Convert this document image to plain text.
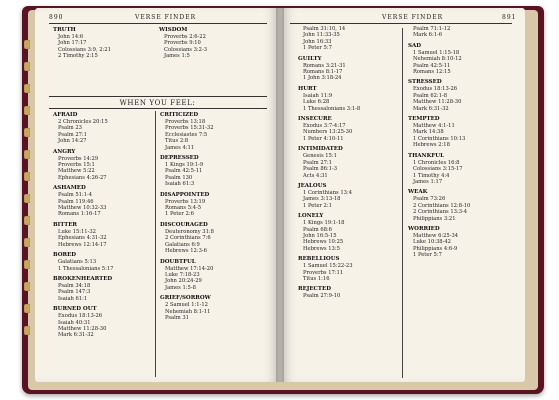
890	VERSE FINDER
TRUTH
John 14:6
John 17:17
Colossians 3:9, 2:21
2 Timothy 2:15
WISDOM
Proverbs 2:6-22
Proverbs 9:10
Colossians 3:2-3
James 1:5
WHEN YOU FEEL:
AFRAID
2 Chronicles 20:15
Psalm 23
Psalm 27:1
John 14:27
ANGRY
Proverbs 14:29
Proverbs 15:1
Matthew 5:22
Ephesians 4:26-27
ASHAMED
Psalm 51:1-4
Psalm 119:46
Matthew 10:32-33
Romans 1:16-17
BITTER
Luke 15:11-32
Ephesians 4:31-32
Hebrews 12:14-17
BORED
Galatians 5:13
1 Thessalonians 5:17
BROKENHEARTED
Psalm 34:18
Psalm 147:3
Isaiah 61:1
BURNED OUT
Exodus 18:13-26
Isaiah 40:31
Matthew 11:28-30
Mark 6:31-32
CRITICIZED
Proverbs 13:18
Proverbs 15:31-32
Ecclesiastes 7:5
Titus 2:8
James 4:11
DEPRESSED
1 Kings 19:1-9
Psalm 42:5-11
Psalm 130
Isaiah 61:3
DISAPPOINTED
Proverbs 13:19
Romans 5:4-5
1 Peter 2:6
DISCOURAGED
Deuteronomy 31:8
2 Corinthians 7:6
Galatians 6:9
Hebrews 12:3-6
DOUBTFUL
Matthew 17:14-20
Luke 7:18-23
John 20:24-29
James 1:5-8
GRIEF/SORROW
2 Samuel 1:1-12
Nehemiah 8:1-11
Psalm 31
VERSE FINDER	891
Psalm 31:10, 14
John 11:33-35
John 16:33
1 Peter 5:7
GUILTY
Romans 3:21-31
Romans 8:1-17
1 John 3:18-24
HURT
Isaiah 11:9
Luke 6:28
1 Thessalonians 3:1-8
INSECURE
Exodus 3:7-4:17
Numbers 13:25-30
1 Peter 4:10-11
INTIMIDATED
Genesis 15:1
Psalm 27:1
Psalm 86:1-3
Acts 4:31
JEALOUS
1 Corinthians 13:4
James 3:13-18
1 Peter 2:1
LONELY
1 Kings 19:1-18
Psalm 68:6
John 16:5-15
Hebrews 10:25
Hebrews 13:5
REBELLIOUS
1 Samuel 15:22-23
Proverbs 17:11
Titus 1:16
REJECTED
Psalm 27:9-10
Psalm 71:1-12
Mark 6:1-6
SAD
1 Samuel 1:15-18
Nehemiah 8:10-12
Psalm 42:5-11
Romans 12:15
STRESSED
Exodus 18:13-26
Psalm 62:1-8
Matthew 11:28-30
Mark 6:31-32
TEMPTED
Matthew 4:1-11
Mark 14:38
1 Corinthians 10:13
Hebrews 2:18
THANKFUL
1 Chronicles 16:8
Colossians 3:15-17
1 Timothy 4:4
James 1:17
WEAK
Psalm 73:26
2 Corinthians 12:8-10
2 Corinthians 13:3-4
Philippians 3:21
WORRIED
Matthew 6:25-34
Luke 10:38-42
Philippians 4:6-9
1 Peter 5:7
